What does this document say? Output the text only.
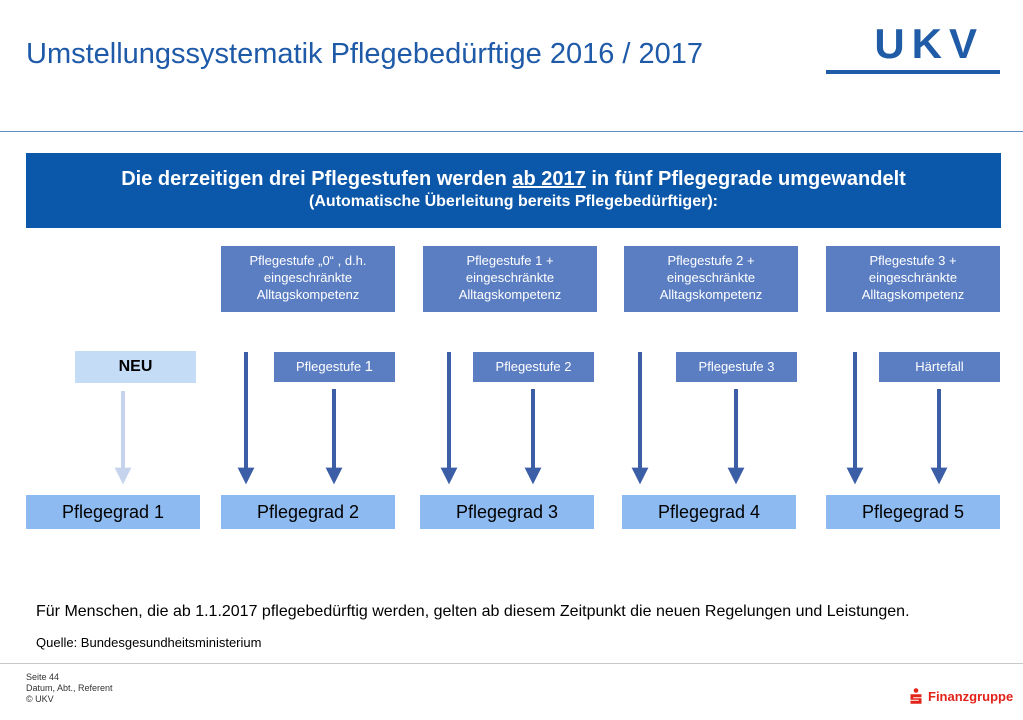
Umstellungssystematik Pflegebedürftige 2016 / 2017	UKV
Die derzeitigen drei Pflegestufen werden ab 2017 in fünf Pflegegrade umgewandelt
(Automatische Überleitung bereits Pflegebedürftiger):
Pflegestufe „0“ , d.h.
eingeschränkte
Alltagskompetenz
Pflegestufe 1 +
eingeschränkte
Alltagskompetenz
Pflegestufe 2 +
eingeschränkte
Alltagskompetenz
Pflegestufe 3 +
eingeschränkte
Alltagskompetenz
NEU	Pflegestufe 1	Pflegestufe 2	Pflegestufe 3	Härtefall
Pflegegrad 1	Pflegegrad 2	Pflegegrad 3	Pflegegrad 4	Pflegegrad 5
Für Menschen, die ab 1.1.2017 pflegebedürftig werden, gelten ab diesem Zeitpunkt die neuen Regelungen und Leistungen.
Quelle: Bundesgesundheitsministerium
Seite 44
Datum, Abt., Referent
© UKV	Finanzgruppe
